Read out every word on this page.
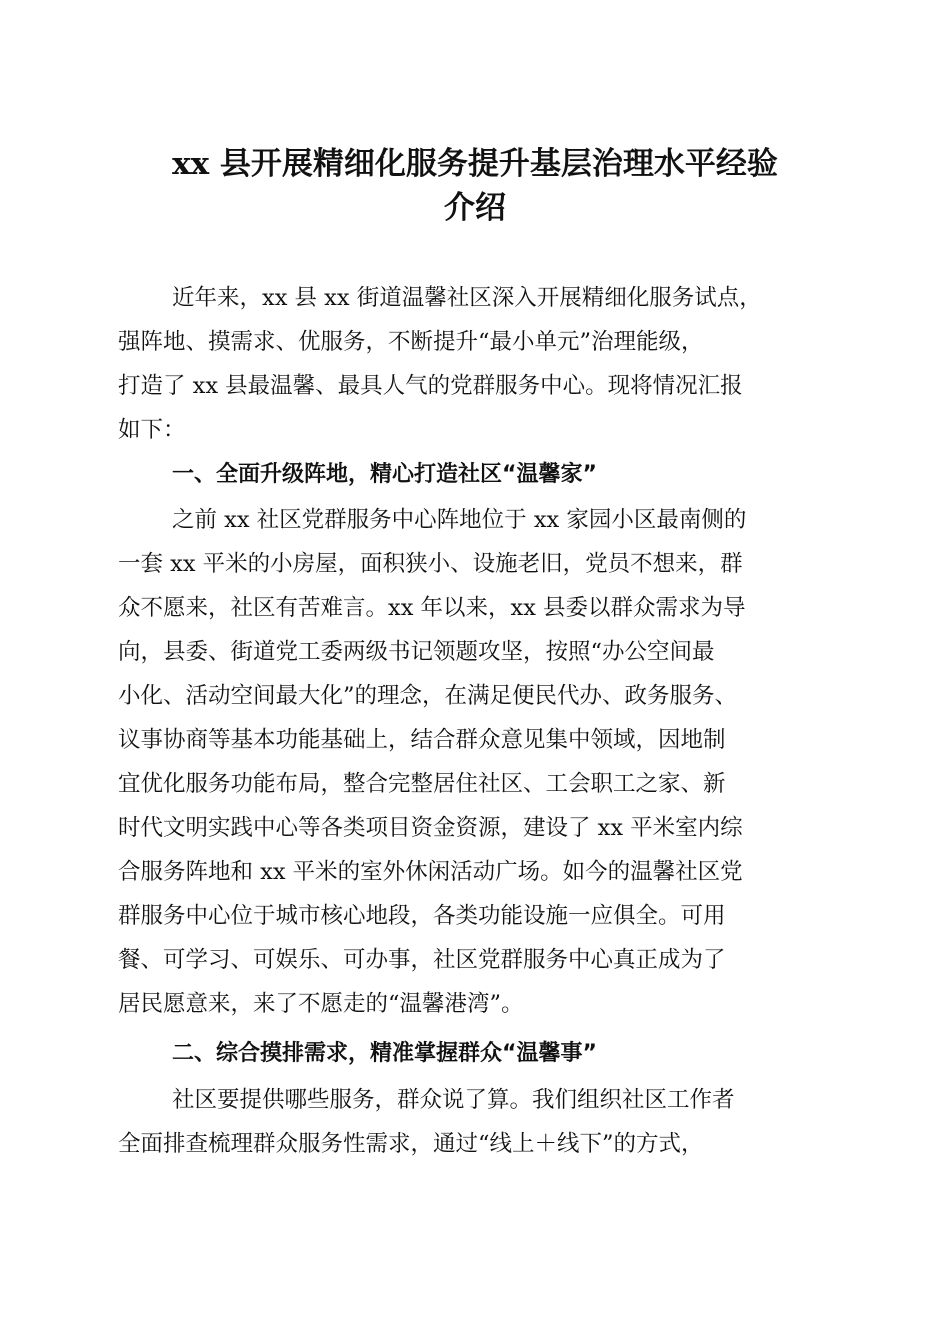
xx 县开展精细化服务提升基层治理水平经验
介绍

近年来，xx 县 xx 街道温馨社区深入开展精细化服务试点，

强阵地、摸需求、优服务，不断提升“最小单元”治理能级，

打造了 xx 县最温馨、最具人气的党群服务中心。现将情况汇报

如下：

一、全面升级阵地，精心打造社区“温馨家”

之前 xx 社区党群服务中心阵地位于 xx 家园小区最南侧的

一套 xx 平米的小房屋，面积狭小、设施老旧，党员不想来，群

众不愿来，社区有苦难言。xx 年以来，xx 县委以群众需求为导

向，县委、街道党工委两级书记领题攻坚，按照“办公空间最

小化、活动空间最大化”的理念，在满足便民代办、政务服务、

议事协商等基本功能基础上，结合群众意见集中领域，因地制

宜优化服务功能布局，整合完整居住社区、工会职工之家、新

时代文明实践中心等各类项目资金资源，建设了 xx 平米室内综

合服务阵地和 xx 平米的室外休闲活动广场。如今的温馨社区党

群服务中心位于城市核心地段，各类功能设施一应俱全。可用

餐、可学习、可娱乐、可办事，社区党群服务中心真正成为了

居民愿意来，来了不愿走的“温馨港湾”。

二、综合摸排需求，精准掌握群众“温馨事”

社区要提供哪些服务，群众说了算。我们组织社区工作者

全面排查梳理群众服务性需求，通过“线上＋线下”的方式，
